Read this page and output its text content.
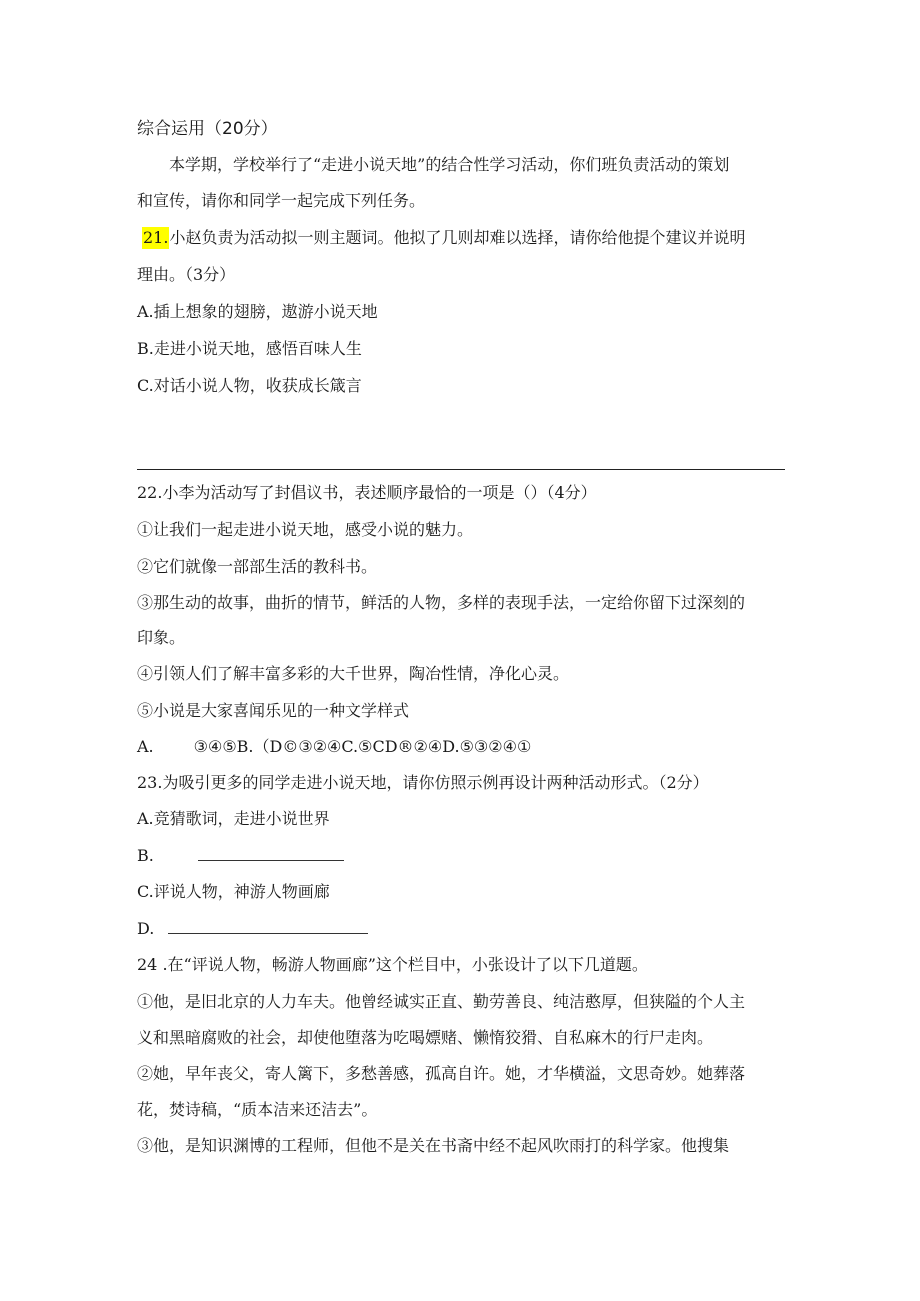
综合运用（20分）
本学期，学校举行了“走进小说天地”的结合性学习活动，你们班负责活动的策划
和宣传，请你和同学一起完成下列任务。
21.小赵负责为活动拟一则主题词。他拟了几则却难以选择，请你给他提个建议并说明
理由。（3分）
A.插上想象的翅膀，遨游小说天地
B.走进小说天地，感悟百味人生
C.对话小说人物，收获成长箴言
22.小李为活动写了封倡议书，表述顺序最恰的一项是（）（4分）
①让我们一起走进小说天地，感受小说的魅力。
②它们就像一部部生活的教科书。
③那生动的故事，曲折的情节，鲜活的人物，多样的表现手法，一定给你留下过深刻的
印象。
④引领人们了解丰富多彩的大千世界，陶冶性情，净化心灵。
⑤小说是大家喜闻乐见的一种文学样式
A.	③④⑤B.（D©③②④C.⑤CD®②④D.⑤③②④①
23.为吸引更多的同学走进小说天地，请你仿照示例再设计两种活动形式。（2分）
A.竞猜歌词，走进小说世界
B.
C.评说人物，神游人物画廊
D.
24 .在“评说人物，畅游人物画廊”这个栏目中，小张设计了以下几道题。
①他，是旧北京的人力车夫。他曾经诚实正直、勤劳善良、纯洁憨厚，但狭隘的个人主
义和黑暗腐败的社会，却使他堕落为吃喝嫖赌、懒惰狡猾、自私麻木的行尸走肉。
②她，早年丧父，寄人篱下，多愁善感，孤高自许。她，才华横溢，文思奇妙。她葬落
花，焚诗稿，“质本洁来还洁去”。
③他，是知识渊博的工程师，但他不是关在书斋中经不起风吹雨打的科学家。他搜集
